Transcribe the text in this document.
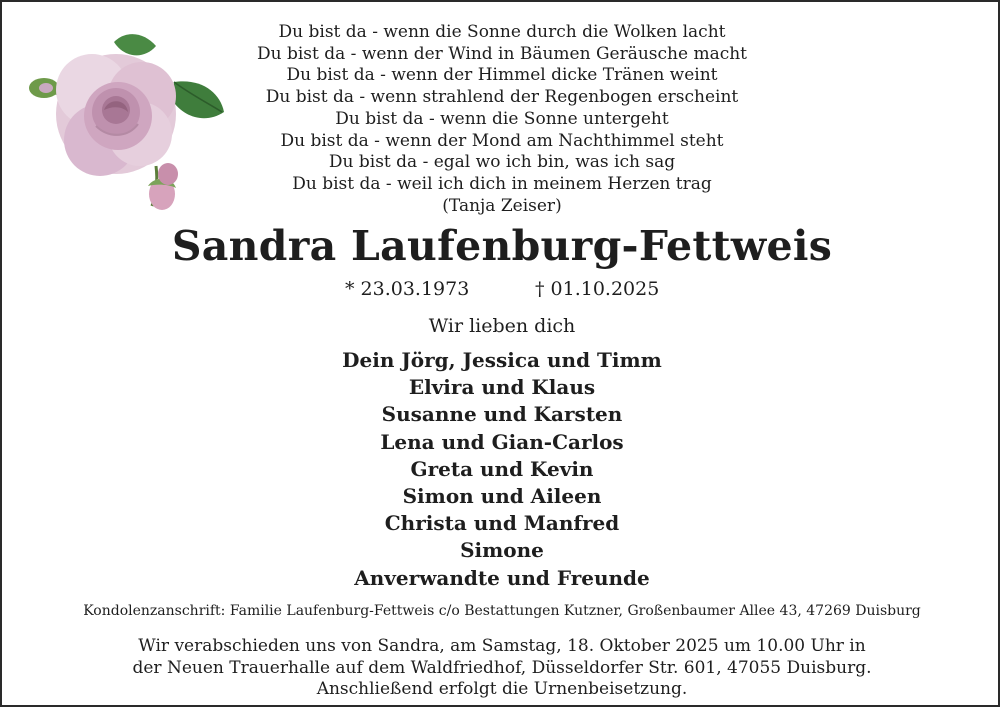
Du bist da - wenn die Sonne durch die Wolken lacht
Du bist da - wenn der Wind in Bäumen Geräusche macht
Du bist da - wenn der Himmel dicke Tränen weint
Du bist da - wenn strahlend der Regenbogen erscheint
Du bist da - wenn die Sonne untergeht
Du bist da - wenn der Mond am Nachthimmel steht
Du bist da - egal wo ich bin, was ich sag
Du bist da - weil ich dich in meinem Herzen trag
(Tanja Zeiser)
Sandra Laufenburg-Fettweis
* 23.03.1973	† 01.10.2025
Wir lieben dich
Dein Jörg, Jessica und Timm
Elvira und Klaus
Susanne und Karsten
Lena und Gian-Carlos
Greta und Kevin
Simon und Aileen
Christa und Manfred
Simone
Anverwandte und Freunde
Kondolenzanschrift: Familie Laufenburg-Fettweis c/o Bestattungen Kutzner, Großenbaumer Allee 43, 47269 Duisburg
Wir verabschieden uns von Sandra, am Samstag, 18. Oktober 2025 um 10.00 Uhr in
der Neuen Trauerhalle auf dem Waldfriedhof, Düsseldorfer Str. 601, 47055 Duisburg.
Anschließend erfolgt die Urnenbeisetzung.
